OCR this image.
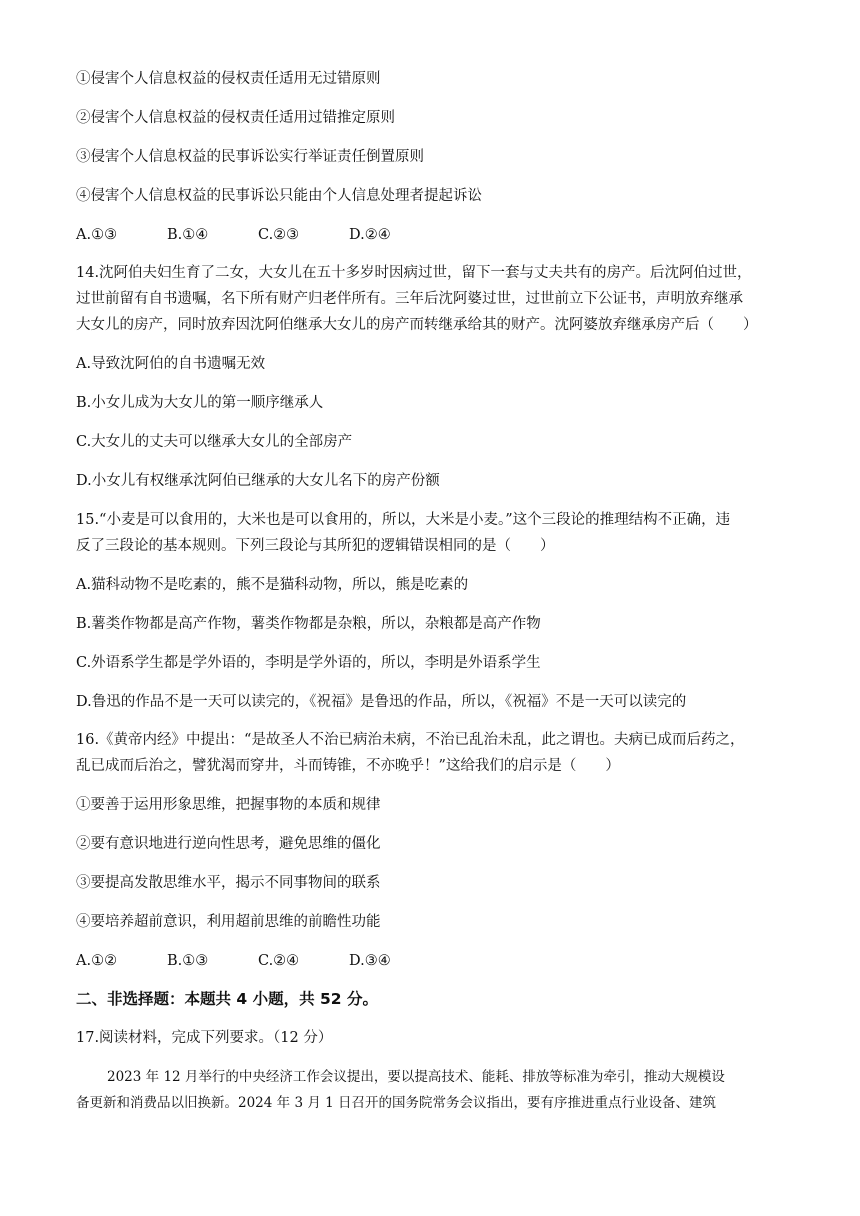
①侵害个人信息权益的侵权责任适用无过错原则
②侵害个人信息权益的侵权责任适用过错推定原则
③侵害个人信息权益的民事诉讼实行举证责任倒置原则
④侵害个人信息权益的民事诉讼只能由个人信息处理者提起诉讼
A.①③	B.①④	C.②③	D.②④
14.沈阿伯夫妇生育了二女，大女儿在五十多岁时因病过世，留下一套与丈夫共有的房产。后沈阿伯过世，
过世前留有自书遗嘱，名下所有财产归老伴所有。三年后沈阿婆过世，过世前立下公证书，声明放弃继承
大女儿的房产，同时放弃因沈阿伯继承大女儿的房产而转继承给其的财产。沈阿婆放弃继承房产后（　　）
A.导致沈阿伯的自书遗嘱无效
B.小女儿成为大女儿的第一顺序继承人
C.大女儿的丈夫可以继承大女儿的全部房产
D.小女儿有权继承沈阿伯已继承的大女儿名下的房产份额
15.“小麦是可以食用的，大米也是可以食用的，所以，大米是小麦。”这个三段论的推理结构不正确，违
反了三段论的基本规则。下列三段论与其所犯的逻辑错误相同的是（　　）
A.猫科动物不是吃素的，熊不是猫科动物，所以，熊是吃素的
B.薯类作物都是高产作物，薯类作物都是杂粮，所以，杂粮都是高产作物
C.外语系学生都是学外语的，李明是学外语的，所以，李明是外语系学生
D.鲁迅的作品不是一天可以读完的，《祝福》是鲁迅的作品，所以，《祝福》不是一天可以读完的
16.《黄帝内经》中提出：“是故圣人不治已病治未病，不治已乱治未乱，此之谓也。夫病已成而后药之，
乱已成而后治之，譬犹渴而穿井，斗而铸锥，不亦晚乎！”这给我们的启示是（　　）
①要善于运用形象思维，把握事物的本质和规律
②要有意识地进行逆向性思考，避免思维的僵化
③要提高发散思维水平，揭示不同事物间的联系
④要培养超前意识，利用超前思维的前瞻性功能
A.①②	B.①③	C.②④	D.③④
二、非选择题：本题共 4 小题，共 52 分。
17.阅读材料，完成下列要求。（12 分）
2023 年 12 月举行的中央经济工作会议提出，要以提高技术、能耗、排放等标准为牵引，推动大规模设
备更新和消费品以旧换新。2024 年 3 月 1 日召开的国务院常务会议指出，要有序推进重点行业设备、建筑
